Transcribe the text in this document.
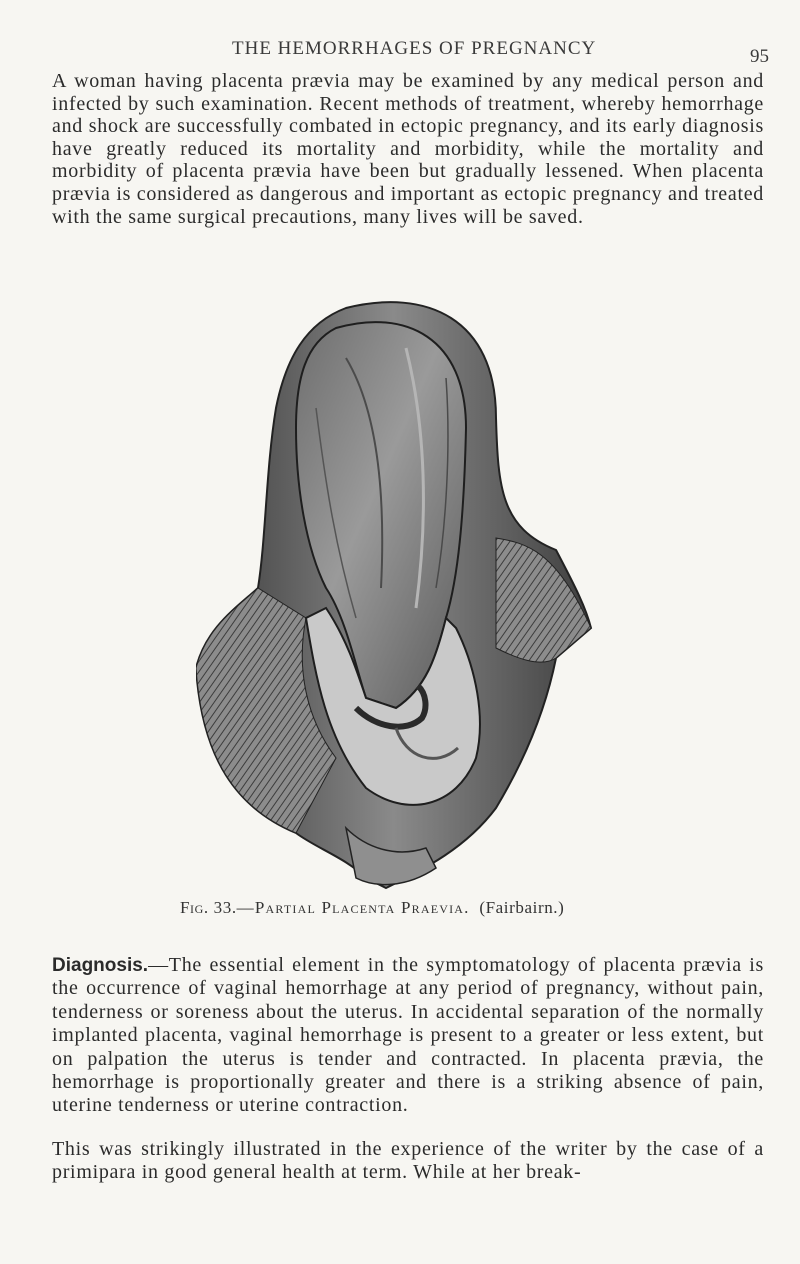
THE HEMORRHAGES OF PREGNANCY	95

A woman having placenta prævia may be examined by any medical person and infected by such examination. Recent methods of treatment, whereby hemorrhage and shock are successfully combated in ectopic pregnancy, and its early diagnosis have greatly reduced its mortality and morbidity, while the mortality and morbidity of placenta prævia have been but gradually lessened. When placenta prævia is considered as dangerous and important as ectopic pregnancy and treated with the same surgical precautions, many lives will be saved.

Fig. 33.—Partial Placenta Praevia. (Fairbairn.)

Diagnosis.—The essential element in the symptomatology of placenta prævia is the occurrence of vaginal hemorrhage at any period of pregnancy, without pain, tenderness or soreness about the uterus. In accidental separation of the normally implanted placenta, vaginal hemorrhage is present to a greater or less extent, but on palpation the uterus is tender and contracted. In placenta prævia, the hemorrhage is proportionally greater and there is a striking absence of pain, uterine tenderness or uterine contraction.

This was strikingly illustrated in the experience of the writer by the case of a primipara in good general health at term. While at her break-
